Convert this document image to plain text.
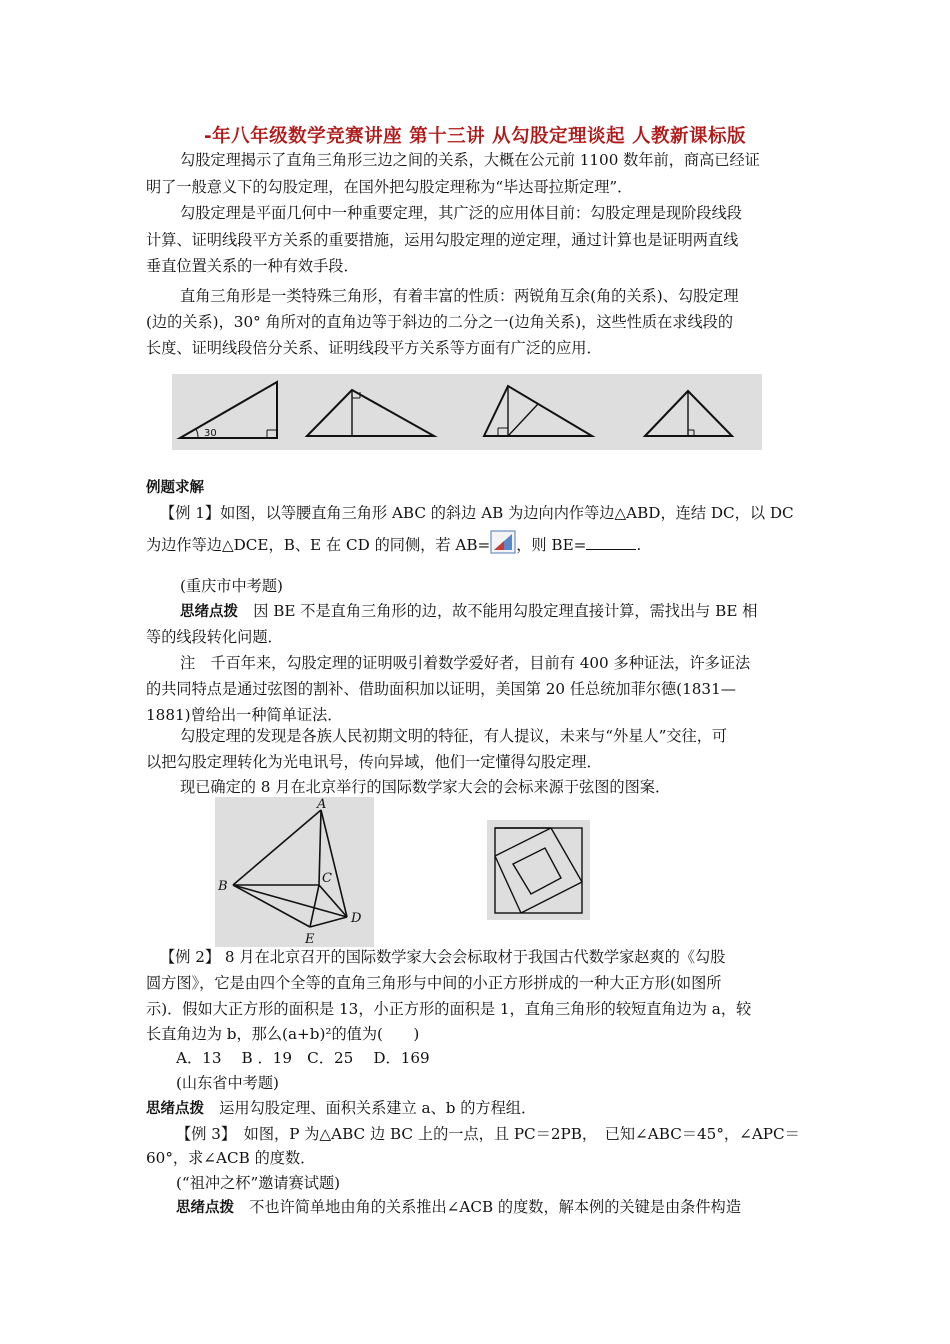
-年八年级数学竞赛讲座 第十三讲 从勾股定理谈起 人教新课标版
勾股定理揭示了直角三角形三边之间的关系，大概在公元前 1100 数年前，商高已经证
明了一般意义下的勾股定理，在国外把勾股定理称为“毕达哥拉斯定理”．
勾股定理是平面几何中一种重要定理，其广泛的应用体目前：勾股定理是现阶段线段
计算、证明线段平方关系的重要措施，运用勾股定理的逆定理，通过计算也是证明两直线
垂直位置关系的一种有效手段．
直角三角形是一类特殊三角形，有着丰富的性质：两锐角互余(角的关系)、勾股定理
(边的关系)，30° 角所对的直角边等于斜边的二分之一(边角关系)，这些性质在求线段的
长度、证明线段倍分关系、证明线段平方关系等方面有广泛的应用．
30
例题求解
【例 1】如图，以等腰直角三角形 ABC 的斜边 AB 为边向内作等边△ABD，连结 DC，以 DC
为边作等边△DCE，B、E 在 CD 的同侧，若 AB= ，则 BE=	.
(重庆市中考题)
思绪点拨　 因 BE 不是直角三角形的边，故不能用勾股定理直接计算，需找出与 BE 相
等的线段转化问题．
注　千百年来，勾股定理的证明吸引着数学爱好者，目前有 400 多种证法，许多证法
的共同特点是通过弦图的割补、借助面积加以证明，美国第 20 任总统加菲尔德(1831—
1881)曾给出一种简单证法．
勾股定理的发现是各族人民初期文明的特征，有人提议，未来与“外星人”交往，可
以把勾股定理转化为光电讯号，传向异域，他们一定懂得勾股定理．
现已确定的 8 月在北京举行的国际数学家大会的会标来源于弦图的图案．
A
B
C
D
E
【例 2】 8 月在北京召开的国际数学家大会会标取材于我国古代数学家赵爽的《勾股
圆方图》，它是由四个全等的直角三角形与中间的小正方形拼成的一种大正方形(如图所
示)．假如大正方形的面积是 13，小正方形的面积是 1，直角三角形的较短直角边为 a，较
长直角边为 b，那么(a+b)²的值为(　　)
A．13　 B ．19　C．25　 D．169
(山东省中考题)
思绪点拨　 运用勾股定理、面积关系建立 a、b 的方程组．
【例 3】　 如图，P 为△ABC 边 BC 上的一点，且 PC＝2PB，　已知∠ABC＝45°，∠APC＝
60°，求∠ACB 的度数．
(“祖冲之杯”邀请赛试题)
思绪点拨　 不也许简单地由角的关系推出∠ACB 的度数，解本例的关键是由条件构造
